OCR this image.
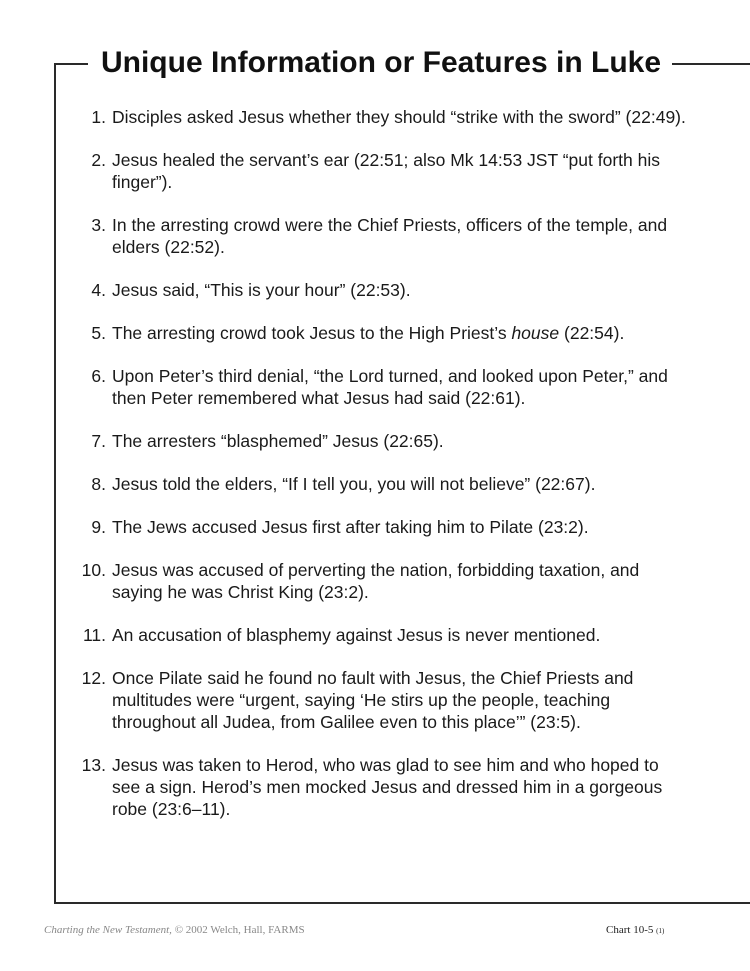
Unique Information or Features in Luke
1. Disciples asked Jesus whether they should “strike with the sword” (22:49).
2. Jesus healed the servant’s ear (22:51; also Mk 14:53 JST “put forth his finger”).
3. In the arresting crowd were the Chief Priests, officers of the temple, and elders (22:52).
4. Jesus said, “This is your hour” (22:53).
5. The arresting crowd took Jesus to the High Priest’s house (22:54).
6. Upon Peter’s third denial, “the Lord turned, and looked upon Peter,” and then Peter remembered what Jesus had said (22:61).
7. The arresters “blasphemed” Jesus (22:65).
8. Jesus told the elders, “If I tell you, you will not believe” (22:67).
9. The Jews accused Jesus first after taking him to Pilate (23:2).
10. Jesus was accused of perverting the nation, forbidding taxation, and saying he was Christ King (23:2).
11. An accusation of blasphemy against Jesus is never mentioned.
12. Once Pilate said he found no fault with Jesus, the Chief Priests and multitudes were “urgent, saying ‘He stirs up the people, teaching throughout all Judea, from Galilee even to this place’” (23:5).
13. Jesus was taken to Herod, who was glad to see him and who hoped to see a sign. Herod’s men mocked Jesus and dressed him in a gorgeous robe (23:6–11).
Charting the New Testament, © 2002 Welch, Hall, FARMS	Chart 10-5 (1)
